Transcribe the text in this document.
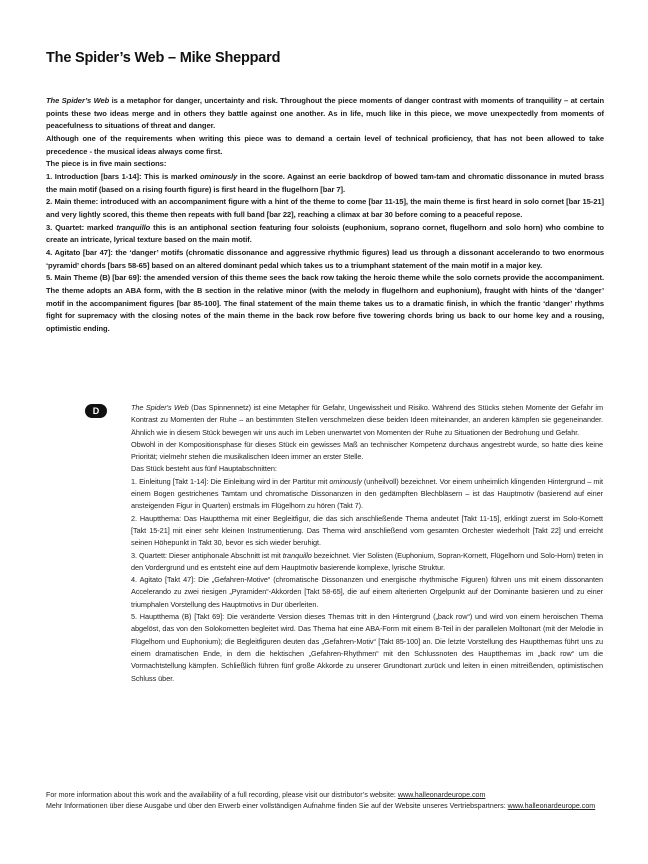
The Spider’s Web – Mike Sheppard

The Spider’s Web is a metaphor for danger, uncertainty and risk. Throughout the piece moments of danger contrast with moments of tranquility – at certain points these two ideas merge and in others they battle against one another. As in life, much like in this piece, we move unexpectedly from moments of peacefulness to situations of threat and danger.

Although one of the requirements when writing this piece was to demand a certain level of technical proficiency, that has not been allowed to take precedence - the musical ideas always come first.

The piece is in five main sections:

1. Introduction [bars 1-14]: This is marked ominously in the score. Against an eerie backdrop of bowed tam-tam and chromatic dissonance in muted brass the main motif (based on a rising fourth figure) is first heard in the flugelhorn [bar 7].

2. Main theme: introduced with an accompaniment figure with a hint of the theme to come [bar 11-15], the main theme is first heard in solo cornet [bar 15-21] and very lightly scored, this theme then repeats with full band [bar 22], reaching a climax at bar 30 before coming to a peaceful repose.

3. Quartet: marked tranquillo this is an antiphonal section featuring four soloists (euphonium, soprano cornet, flugelhorn and solo horn) who combine to create an intricate, lyrical texture based on the main motif.

4. Agitato [bar 47]: the ‘danger’ motifs (chromatic dissonance and aggressive rhythmic figures) lead us through a dissonant accelerando to two enormous ‘pyramid’ chords [bars 58-65] based on an altered dominant pedal which takes us to a triumphant statement of the main motif in a major key.

5. Main Theme (B) [bar 69]: the amended version of this theme sees the back row taking the heroic theme while the solo cornets provide the accompaniment. The theme adopts an ABA form, with the B section in the relative minor (with the melody in flugelhorn and euphonium), fraught with hints of the ‘danger’ motif in the accompaniment figures [bar 85-100]. The final statement of the main theme takes us to a dramatic finish, in which the frantic ‘danger’ rhythms fight for supremacy with the closing notes of the main theme in the back row before five towering chords bring us back to our home key and a rousing, optimistic ending.

D	The Spider's Web (Das Spinnennetz) ist eine Metapher für Gefahr, Ungewissheit und Risiko. Während des Stücks stehen Momente der Gefahr im Kontrast zu Momenten der Ruhe – an bestimmten Stellen verschmelzen diese beiden Ideen miteinander, an anderen kämpfen sie gegeneinander. Ähnlich wie in diesem Stück bewegen wir uns auch im Leben unerwartet von Momenten der Ruhe zu Situationen der Bedrohung und Gefahr.

Obwohl in der Kompositionsphase für dieses Stück ein gewisses Maß an technischer Kompetenz durchaus angestrebt wurde, so hatte dies keine Priorität; vielmehr stehen die musikalischen Ideen immer an erster Stelle.

Das Stück besteht aus fünf Hauptabschnitten:

1. Einleitung [Takt 1-14]: Die Einleitung wird in der Partitur mit ominously (unheilvoll) bezeichnet. Vor einem unheimlich klingenden Hintergrund – mit einem Bogen gestrichenes Tamtam und chromatische Dissonanzen in den gedämpften Blechbläsern – ist das Hauptmotiv (basierend auf einer ansteigenden Figur in Quarten) erstmals im Flügelhorn zu hören (Takt 7).

2. Hauptthema: Das Hauptthema mit einer Begleitfigur, die das sich anschließende Thema andeutet [Takt 11-15], erklingt zuerst im Solo-Kornett [Takt 15-21] mit einer sehr kleinen Instrumentierung. Das Thema wird anschließend vom gesamten Orchester wiederholt [Takt 22] und erreicht seinen Höhepunkt in Takt 30, bevor es sich wieder beruhigt.

3. Quartett: Dieser antiphonale Abschnitt ist mit tranquillo bezeichnet. Vier Solisten (Euphonium, Sopran-Kornett, Flügelhorn und Solo-Horn) treten in den Vordergrund und es entsteht eine auf dem Hauptmotiv basierende komplexe, lyrische Struktur.

4. Agitato [Takt 47]: Die „Gefahren-Motive“ (chromatische Dissonanzen und energische rhythmische Figuren) führen uns mit einem dissonanten Accelerando zu zwei riesigen „Pyramiden“-Akkorden [Takt 58-65], die auf einem alterierten Orgelpunkt auf der Dominante basieren und zu einer triumphalen Vorstellung des Hauptmotivs in Dur überleiten.

5. Hauptthema (B) [Takt 69]: Die veränderte Version dieses Themas tritt in den Hintergrund („back row“) und wird von einem heroischen Thema abgelöst, das von den Solokornetten begleitet wird. Das Thema hat eine ABA-Form mit einem B-Teil in der parallelen Molltonart (mit der Melodie in Flügelhorn und Euphonium); die Begleitfiguren deuten das „Gefahren-Motiv“ [Takt 85-100] an. Die letzte Vorstellung des Hauptthemas führt uns zu einem dramatischen Ende, in dem die hektischen „Gefahren-Rhythmen“ mit den Schlussnoten des Hauptthemas im „back row“ um die Vormachtstellung kämpfen. Schließlich führen fünf große Akkorde zu unserer Grundtonart zurück und leiten in einen mitreißenden, optimistischen Schluss über.

For more information about this work and the availability of a full recording, please visit our distributor’s website: www.halleonardeurope.com

Mehr Informationen über diese Ausgabe und über den Erwerb einer vollständigen Aufnahme finden Sie auf der Website unseres Vertriebspartners: www.halleonardeurope.com
